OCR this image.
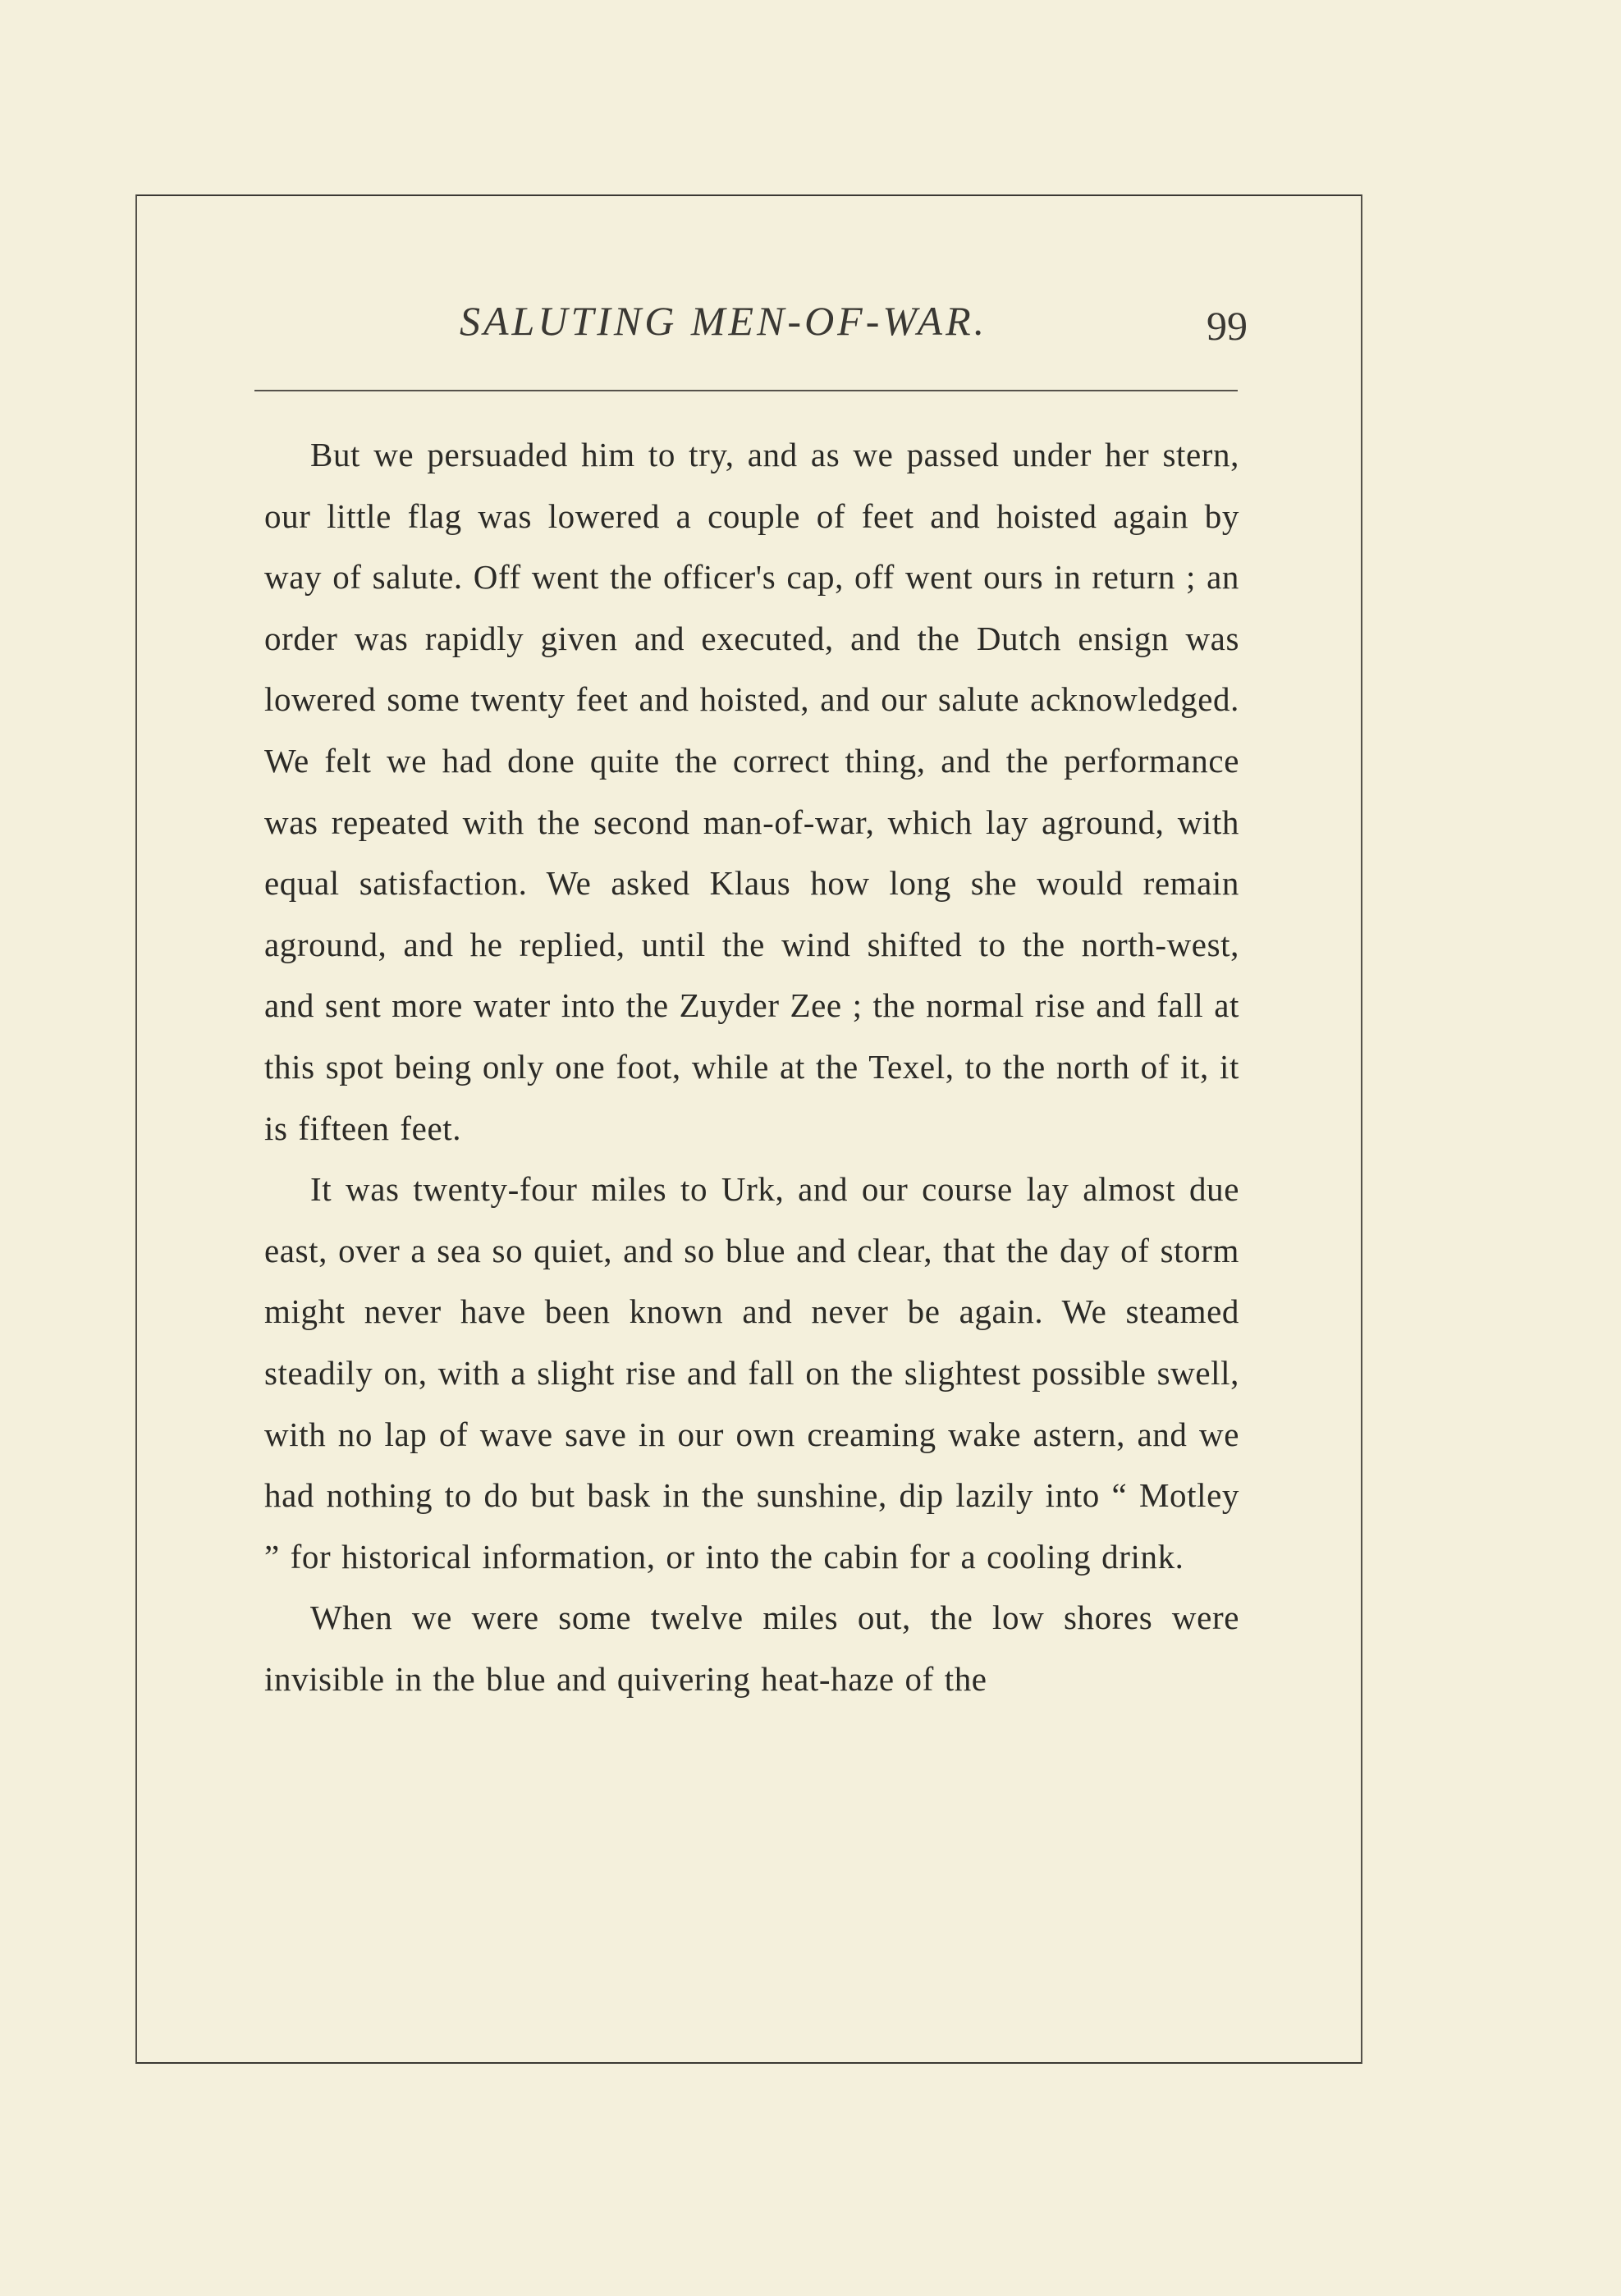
SALUTING MEN-OF-WAR.	99

But we persuaded him to try, and as we passed under her stern, our little flag was lowered a couple of feet and hoisted again by way of salute. Off went the officer's cap, off went ours in return ; an order was rapidly given and executed, and the Dutch ensign was lowered some twenty feet and hoisted, and our salute acknowledged. We felt we had done quite the correct thing, and the performance was repeated with the second man-of-war, which lay aground, with equal satisfaction. We asked Klaus how long she would remain aground, and he replied, until the wind shifted to the north-west, and sent more water into the Zuyder Zee ; the normal rise and fall at this spot being only one foot, while at the Texel, to the north of it, it is fifteen feet.

It was twenty-four miles to Urk, and our course lay almost due east, over a sea so quiet, and so blue and clear, that the day of storm might never have been known and never be again. We steamed steadily on, with a slight rise and fall on the slightest possible swell, with no lap of wave save in our own creaming wake astern, and we had nothing to do but bask in the sunshine, dip lazily into “ Motley ” for historical information, or into the cabin for a cooling drink.

When we were some twelve miles out, the low shores were invisible in the blue and quivering heat-haze of the
